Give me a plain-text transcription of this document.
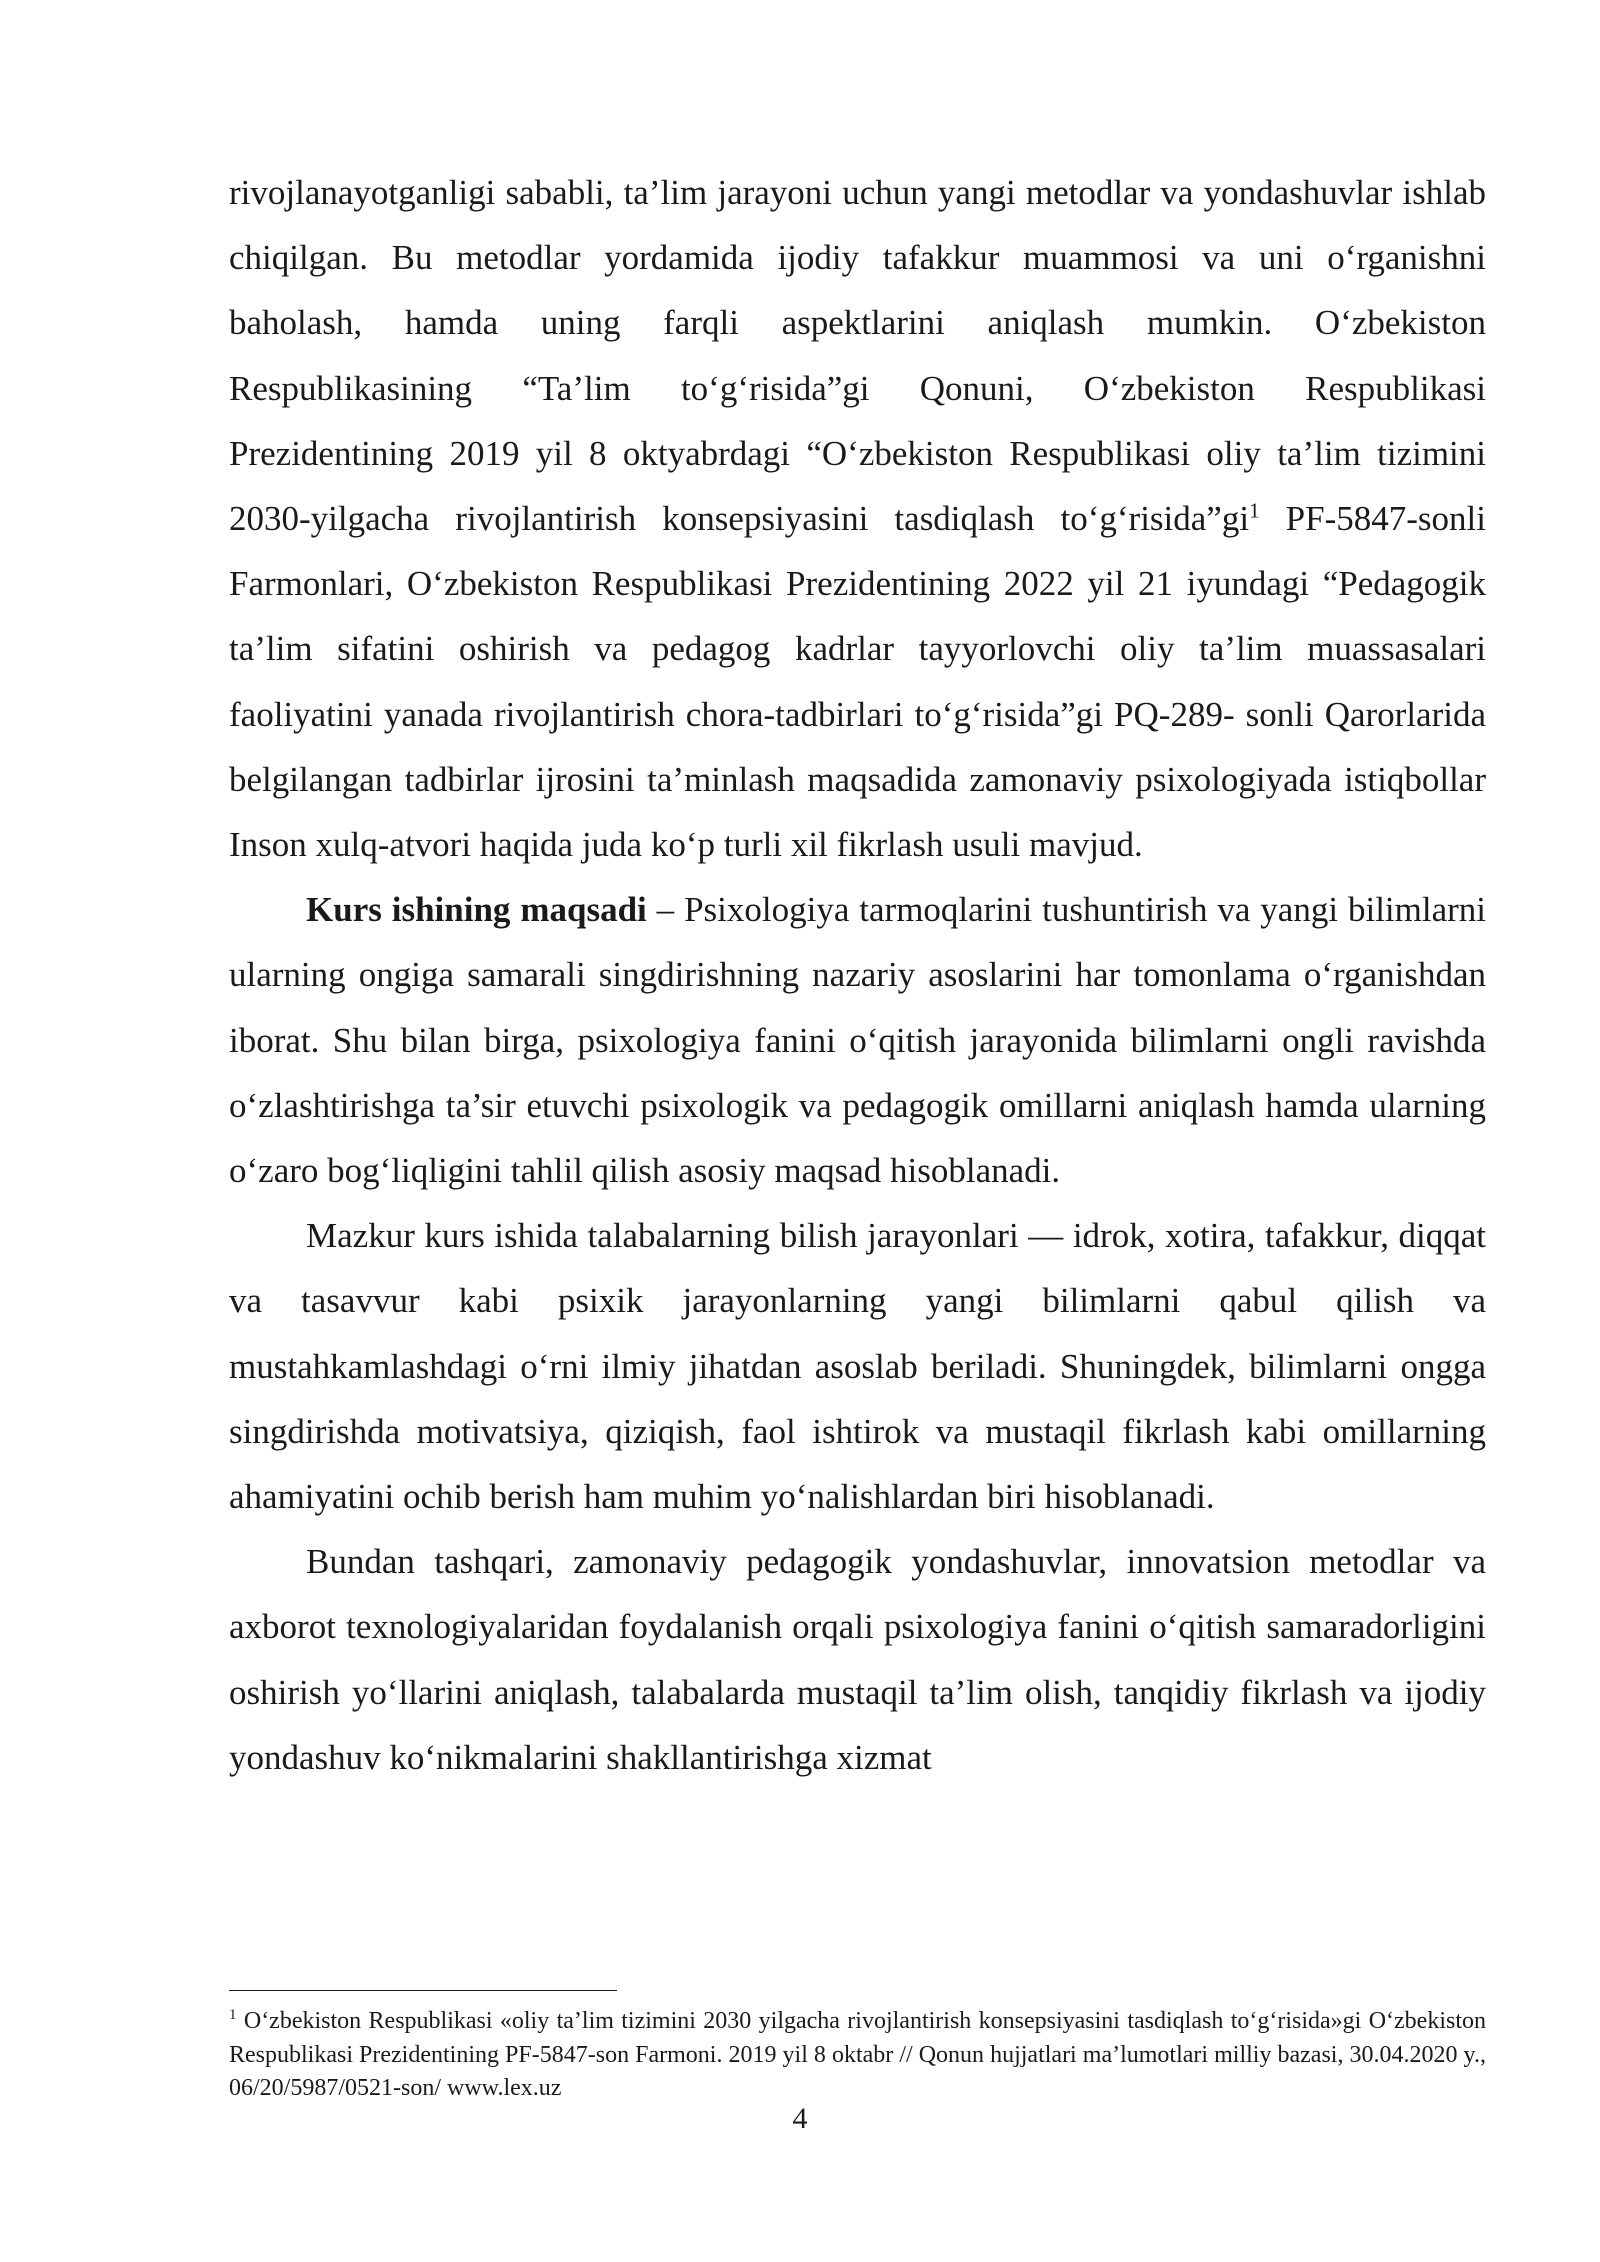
rivojlanayotganligi sababli, ta’lim jarayoni uchun yangi metodlar va yondashuvlar ishlab chiqilgan. Bu metodlar yordamida ijodiy tafakkur muammosi va uni o‘rganishni baholash, hamda uning farqli aspektlarini aniqlash mumkin. O‘zbekiston Respublikasining “Ta’lim to‘g‘risida”gi Qonuni, O‘zbekiston Respublikasi Prezidentining 2019 yil 8 oktyabrdagi “O‘zbekiston Respublikasi oliy ta’lim tizimini 2030-yilgacha rivojlantirish konsepsiyasini tasdiqlash $to‘g‘risida”gi^1$ PF-5847-sonli Farmonlari, O‘zbekiston Respublikasi Prezidentining 2022 yil 21 iyundagi “Pedagogik ta’lim sifatini oshirish va pedagog kadrlar tayyorlovchi oliy ta’lim muassasalari faoliyatini yanada rivojlantirish chora-tadbirlari to‘g‘risida”gi PQ-289- sonli Qarorlarida belgilangan tadbirlar ijrosini ta’minlash maqsadida zamonaviy psixologiyada istiqbollar Inson xulq-atvori haqida juda ko‘p turli xil fikrlash usuli mavjud.

Kurs ishining maqsadi – Psixologiya tarmoqlarini tushuntirish va yangi bilimlarni ularning ongiga samarali singdirishning nazariy asoslarini har tomonlama o‘rganishdan iborat. Shu bilan birga, psixologiya fanini o‘qitish jarayonida bilimlarni ongli ravishda o‘zlashtirishga ta’sir etuvchi psixologik va pedagogik omillarni aniqlash hamda ularning o‘zaro bog‘liqligini tahlil qilish asosiy maqsad hisoblanadi.

Mazkur kurs ishida talabalarning bilish jarayonlari — idrok, xotira, tafakkur, diqqat va tasavvur kabi psixik jarayonlarning yangi bilimlarni qabul qilish va mustahkamlashdagi o‘rni ilmiy jihatdan asoslab beriladi. Shuningdek, bilimlarni ongga singdirishda motivatsiya, qiziqish, faol ishtirok va mustaqil fikrlash kabi omillarning ahamiyatini ochib berish ham muhim yo‘nalishlardan biri hisoblanadi.

Bundan tashqari, zamonaviy pedagogik yondashuvlar, innovatsion metodlar va axborot texnologiyalaridan foydalanish orqali psixologiya fanini o‘qitish samaradorligini oshirish yo‘llarini aniqlash, talabalarda mustaqil ta’lim olish, tanqidiy fikrlash va ijodiy yondashuv ko‘nikmalarini shakllantirishga xizmat

$^1$ O‘zbekiston Respublikasi «oliy ta’lim tizimini 2030 yilgacha rivojlantirish konsepsiyasini tasdiqlash to‘g‘risida»gi O‘zbekiston Respublikasi Prezidentining PF-5847-son Farmoni. 2019 yil 8 oktabr // Qonun hujjatlari ma’lumotlari milliy bazasi, 30.04.2020 y., 06/20/5987/0521-son/ www.lex.uz

4
